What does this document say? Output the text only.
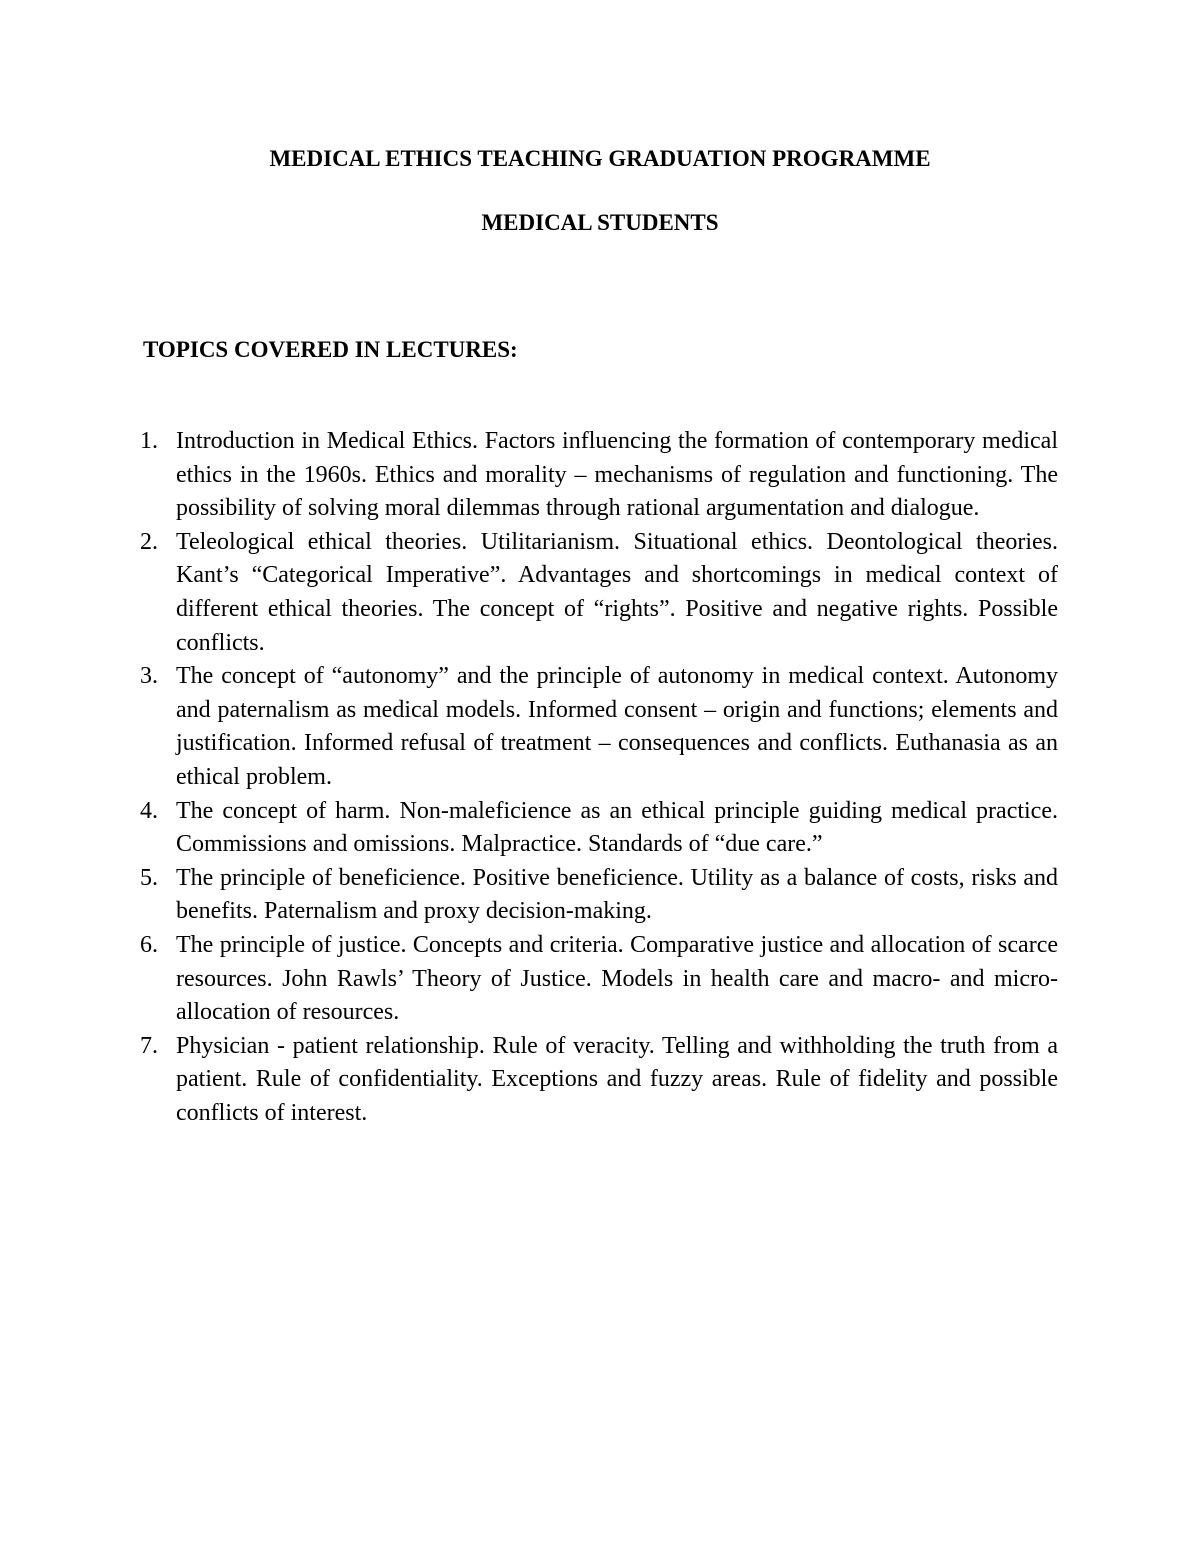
MEDICAL ETHICS TEACHING GRADUATION PROGRAMME
MEDICAL STUDENTS
TOPICS COVERED IN LECTURES:
1. Introduction in Medical Ethics. Factors influencing the formation of contemporary medical ethics in the 1960s. Ethics and morality – mechanisms of regulation and functioning. The possibility of solving moral dilemmas through rational argumentation and dialogue.
2. Teleological ethical theories. Utilitarianism. Situational ethics. Deontological theories. Kant’s “Categorical Imperative”. Advantages and shortcomings in medical context of different ethical theories. The concept of “rights”. Positive and negative rights. Possible conflicts.
3. The concept of “autonomy” and the principle of autonomy in medical context. Autonomy and paternalism as medical models. Informed consent – origin and functions; elements and justification. Informed refusal of treatment – consequences and conflicts. Euthanasia as an ethical problem.
4. The concept of harm. Non-maleficience as an ethical principle guiding medical practice. Commissions and omissions. Malpractice. Standards of “due care.”
5. The principle of beneficience. Positive beneficience. Utility as a balance of costs, risks and benefits. Paternalism and proxy decision-making.
6. The principle of justice. Concepts and criteria. Comparative justice and allocation of scarce resources. John Rawls’ Theory of Justice. Models in health care and macro- and micro-allocation of resources.
7. Physician - patient relationship. Rule of veracity. Telling and withholding the truth from a patient. Rule of confidentiality. Exceptions and fuzzy areas. Rule of fidelity and possible conflicts of interest.
